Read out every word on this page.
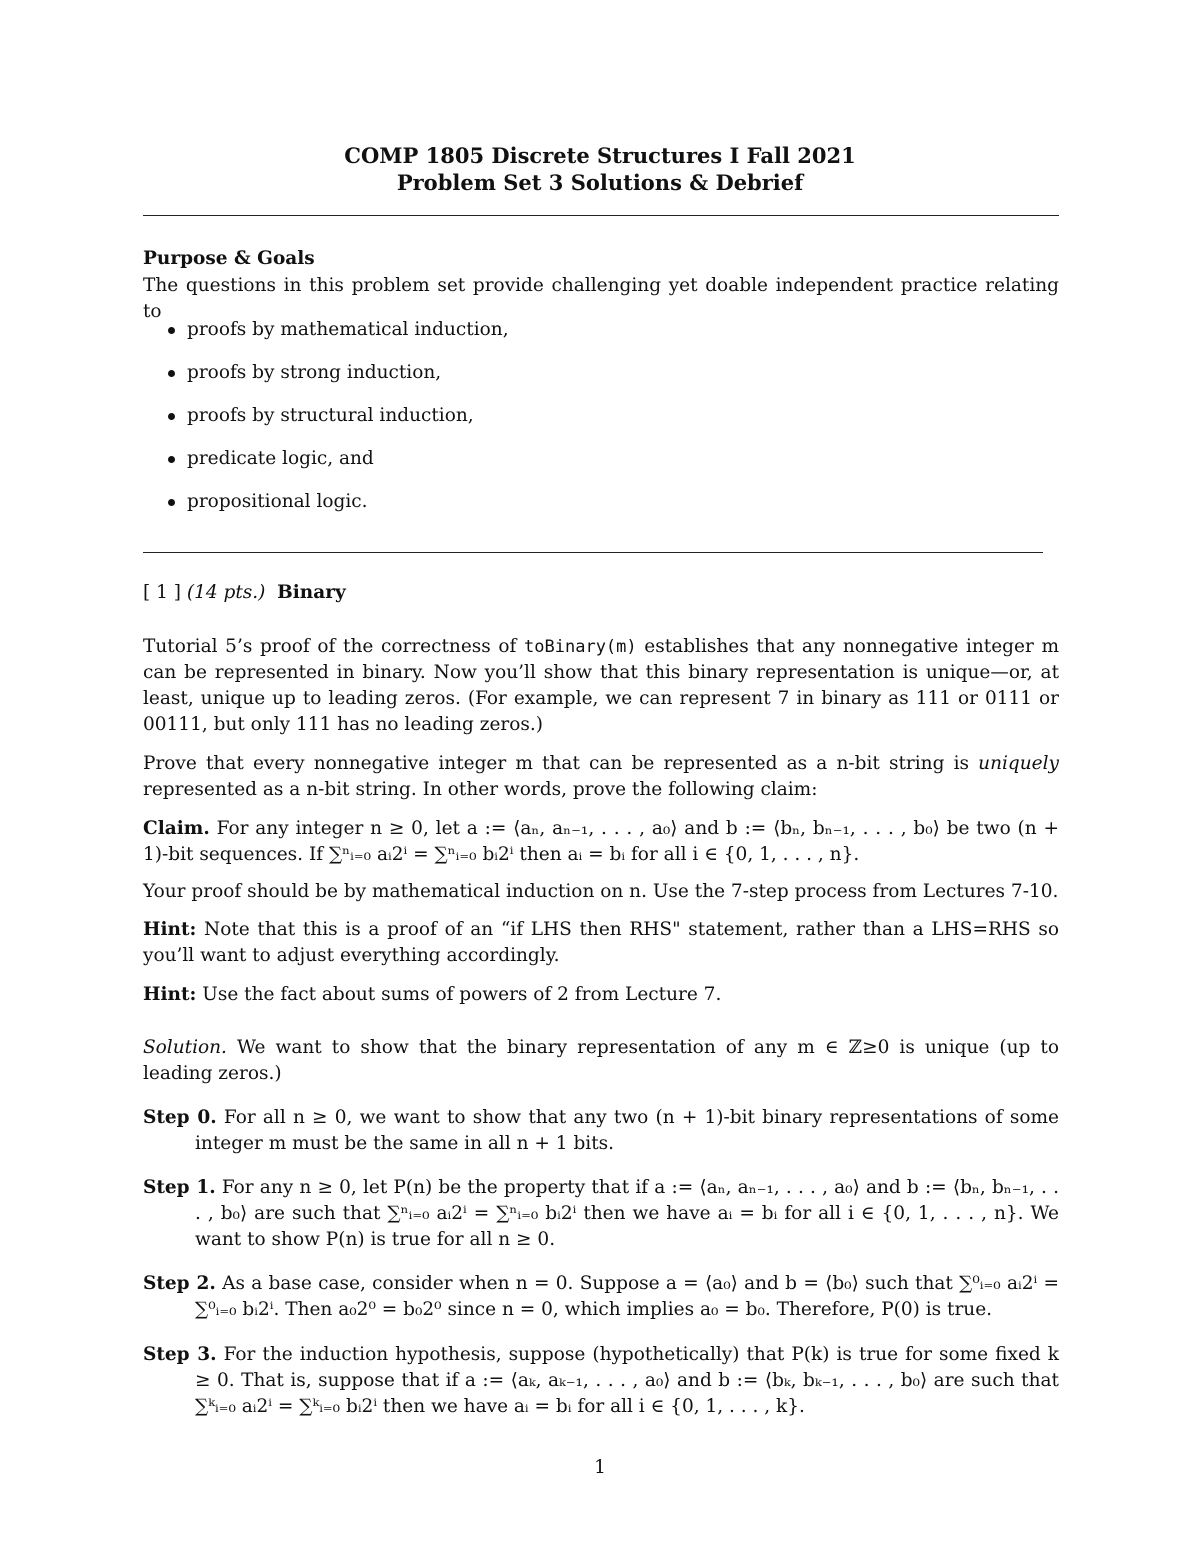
COMP 1805 Discrete Structures I Fall 2021
Problem Set 3 Solutions & Debrief
Purpose & Goals
The questions in this problem set provide challenging yet doable independent practice relating to
proofs by mathematical induction,
proofs by strong induction,
proofs by structural induction,
predicate logic, and
propositional logic.
[ 1 ] (14 pts.) Binary
Tutorial 5’s proof of the correctness of toBinary(m) establishes that any nonnegative integer m can be represented in binary. Now you’ll show that this binary representation is unique—or, at least, unique up to leading zeros. (For example, we can represent 7 in binary as 111 or 0111 or 00111, but only 111 has no leading zeros.)
Prove that every nonnegative integer m that can be represented as a n-bit string is uniquely represented as a n-bit string. In other words, prove the following claim:
Claim. For any integer n ≥ 0, let a := ⟨aₙ, aₙ₋₁, . . . , a₀⟩ and b := ⟨bₙ, bₙ₋₁, . . . , b₀⟩ be two (n + 1)-bit sequences. If ∑ⁿᵢ₌₀ aᵢ2ⁱ = ∑ⁿᵢ₌₀ bᵢ2ⁱ then aᵢ = bᵢ for all i ∈ {0, 1, . . . , n}.
Your proof should be by mathematical induction on n. Use the 7-step process from Lectures 7-10.
Hint: Note that this is a proof of an “if LHS then RHS" statement, rather than a LHS=RHS so you’ll want to adjust everything accordingly.
Hint: Use the fact about sums of powers of 2 from Lecture 7.
Solution. We want to show that the binary representation of any m ∈ ℤ≥0 is unique (up to leading zeros.)
Step 0. For all n ≥ 0, we want to show that any two (n + 1)-bit binary representations of some integer m must be the same in all n + 1 bits.
Step 1. For any n ≥ 0, let P(n) be the property that if a := ⟨aₙ, aₙ₋₁, . . . , a₀⟩ and b := ⟨bₙ, bₙ₋₁, . . . , b₀⟩ are such that ∑ⁿᵢ₌₀ aᵢ2ⁱ = ∑ⁿᵢ₌₀ bᵢ2ⁱ then we have aᵢ = bᵢ for all i ∈ {0, 1, . . . , n}. We want to show P(n) is true for all n ≥ 0.
Step 2. As a base case, consider when n = 0. Suppose a = ⟨a₀⟩ and b = ⟨b₀⟩ such that ∑⁰ᵢ₌₀ aᵢ2ⁱ = ∑⁰ᵢ₌₀ bᵢ2ⁱ. Then a₀2⁰ = b₀2⁰ since n = 0, which implies a₀ = b₀. Therefore, P(0) is true.
Step 3. For the induction hypothesis, suppose (hypothetically) that P(k) is true for some fixed k ≥ 0. That is, suppose that if a := ⟨aₖ, aₖ₋₁, . . . , a₀⟩ and b := ⟨bₖ, bₖ₋₁, . . . , b₀⟩ are such that ∑ᵏᵢ₌₀ aᵢ2ⁱ = ∑ᵏᵢ₌₀ bᵢ2ⁱ then we have aᵢ = bᵢ for all i ∈ {0, 1, . . . , k}.
1
